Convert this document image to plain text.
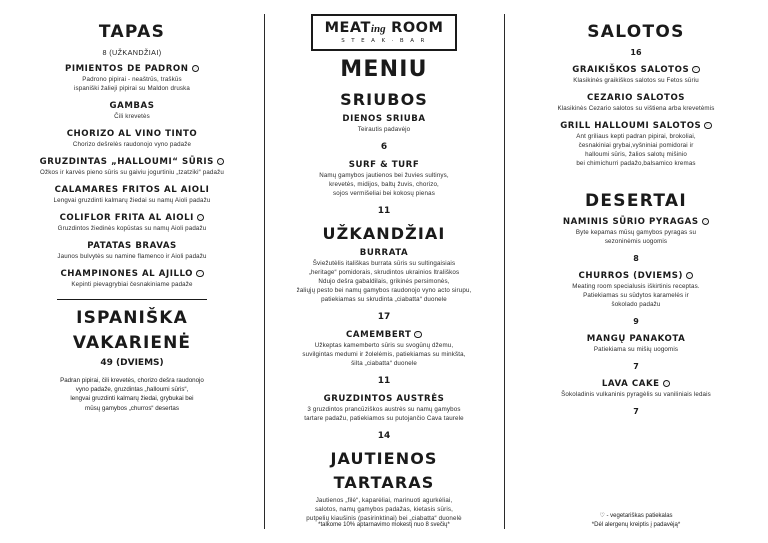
TAPAS
8 (UŽKANDŽIAI)
PIMIENTOS DE PADRON ♡
Padrono pipirai - neaštrūs, traškūs
ispaniški žalieji pipirai su Maldon druska
GAMBAS
Čili krevetės
CHORIZO AL VINO TINTO
Chorizo dešrelės raudonojo vyno padaže
GRUZDINTAS „HALLOUMI“ SŪRIS ♡
Ožkos ir karvės pieno sūris su gaiviu jogurtiniu „tzatziki“ padažu
CALAMARES FRITOS AL AIOLI
Lengvai gruzdinti kalmarų žiedai su namų Aioli padažu
COLIFLOR FRITA AL AIOLI ♡
Gruzdintos žiedinės kopūstas su namų Aioli padažu
PATATAS BRAVAS
Jaunos bulvytės su namine flamenco ir Aioli padažu
CHAMPINONES AL AJILLO ♡
Kepinti pievagrybiai česnakiniame padaže
ISPANIŠKA
VAKARIENĖ
49 (DVIEMS)
Padran pipirai, čili krevetės, chorizo dešra raudonojo
vyno padaže, gruzdintas „halloumi sūris“,
lengvai gruzdinti kalmarų žiedai, grybukai bei
mūsų gamybos „churros“ desertas
MEATing ROOM
S T E A K · B A R
MENIU
SRIUBOS
DIENOS SRIUBA
Teirautis padavėjo
6
SURF & TURF
Namų gamybos jautienos bei žuvies sultinys,
krevetės, midijos, baltų žuvis, chorizo,
sojos vermišeliai bei kokosų pienas
11
UŽKANDŽIAI
BURRATA
Šviežutėlis itališkas burrata sūris su sultingaisiais
„heritage“ pomidorais, skrudintos ukrainios ltrališkos
Ndujo dešra gabaldilais, grikinės persimonės,
žaliųjų pesto bei namų gamybos raudonojo vyno acto sirupu,
patiekiamas su skrudinta „ciabatta“ duonele
17
CAMEMBERT ♡
Užkeptas kamemberto sūris su svogūnų džemu,
suvilgintas medumi ir žolelėmis, patiekiamas su minkšta,
šilta „ciabatta“ duonele
11
GRUZDINTOS AUSTRĖS
3 gruzdintos prancūziškos austrės su namų gamybos
tartare padažu, patiekiamos su putojančio Cava taurele
14
JAUTIENOS
TARTARAS
Jautienos „filė“, kaparėliai, marinuoti agurkėliai,
salotos, namų gamybos padažas, kietasis sūris,
putpelių kiaušinis (pasirinktinai) bei „ciabatta“ duonelė
*talkome 10% aptarnavimo mokestį nuo 8 svečių*
SALOTOS
16
GRAIKIŠKOS SALOTOS ♡
Klasikinės graikiškos salotos su Fetos sūriu
CEZARIO SALOTOS
Klasikinės Cezario salotos su vištiena arba krevetėmis
GRILL HALLOUMI SALOTOS ♡
Ant griliaus kepti padran pipirai, brokoliai,
česnakiniai grybai,vyšniniai pomidorai ir
halloumi sūris, žalios salotų mišinio
bei chimichurri padažo,balsamico kremas
DESERTAI
NAMINIS SŪRIO PYRAGAS ♡
Byte kepamas mūsų gamybos pyragas su
sezoninėmis uogomis
8
CHURROS (DVIEMS) ♡
Meating room specialusis iškirtinis receptas.
Patiekiamas su sūdytos karamelės ir
šokolado padažu
9
MANGŲ PANAKOTA
Patiekiama su mišių uogomis
7
LAVA CAKE ♡
Šokoladinis vulkaninis pyragėlis su vaniliniais ledais
7
♡ - vegetariškas patiekalas
*Dėl alergenų kreiptis į padavėją*
